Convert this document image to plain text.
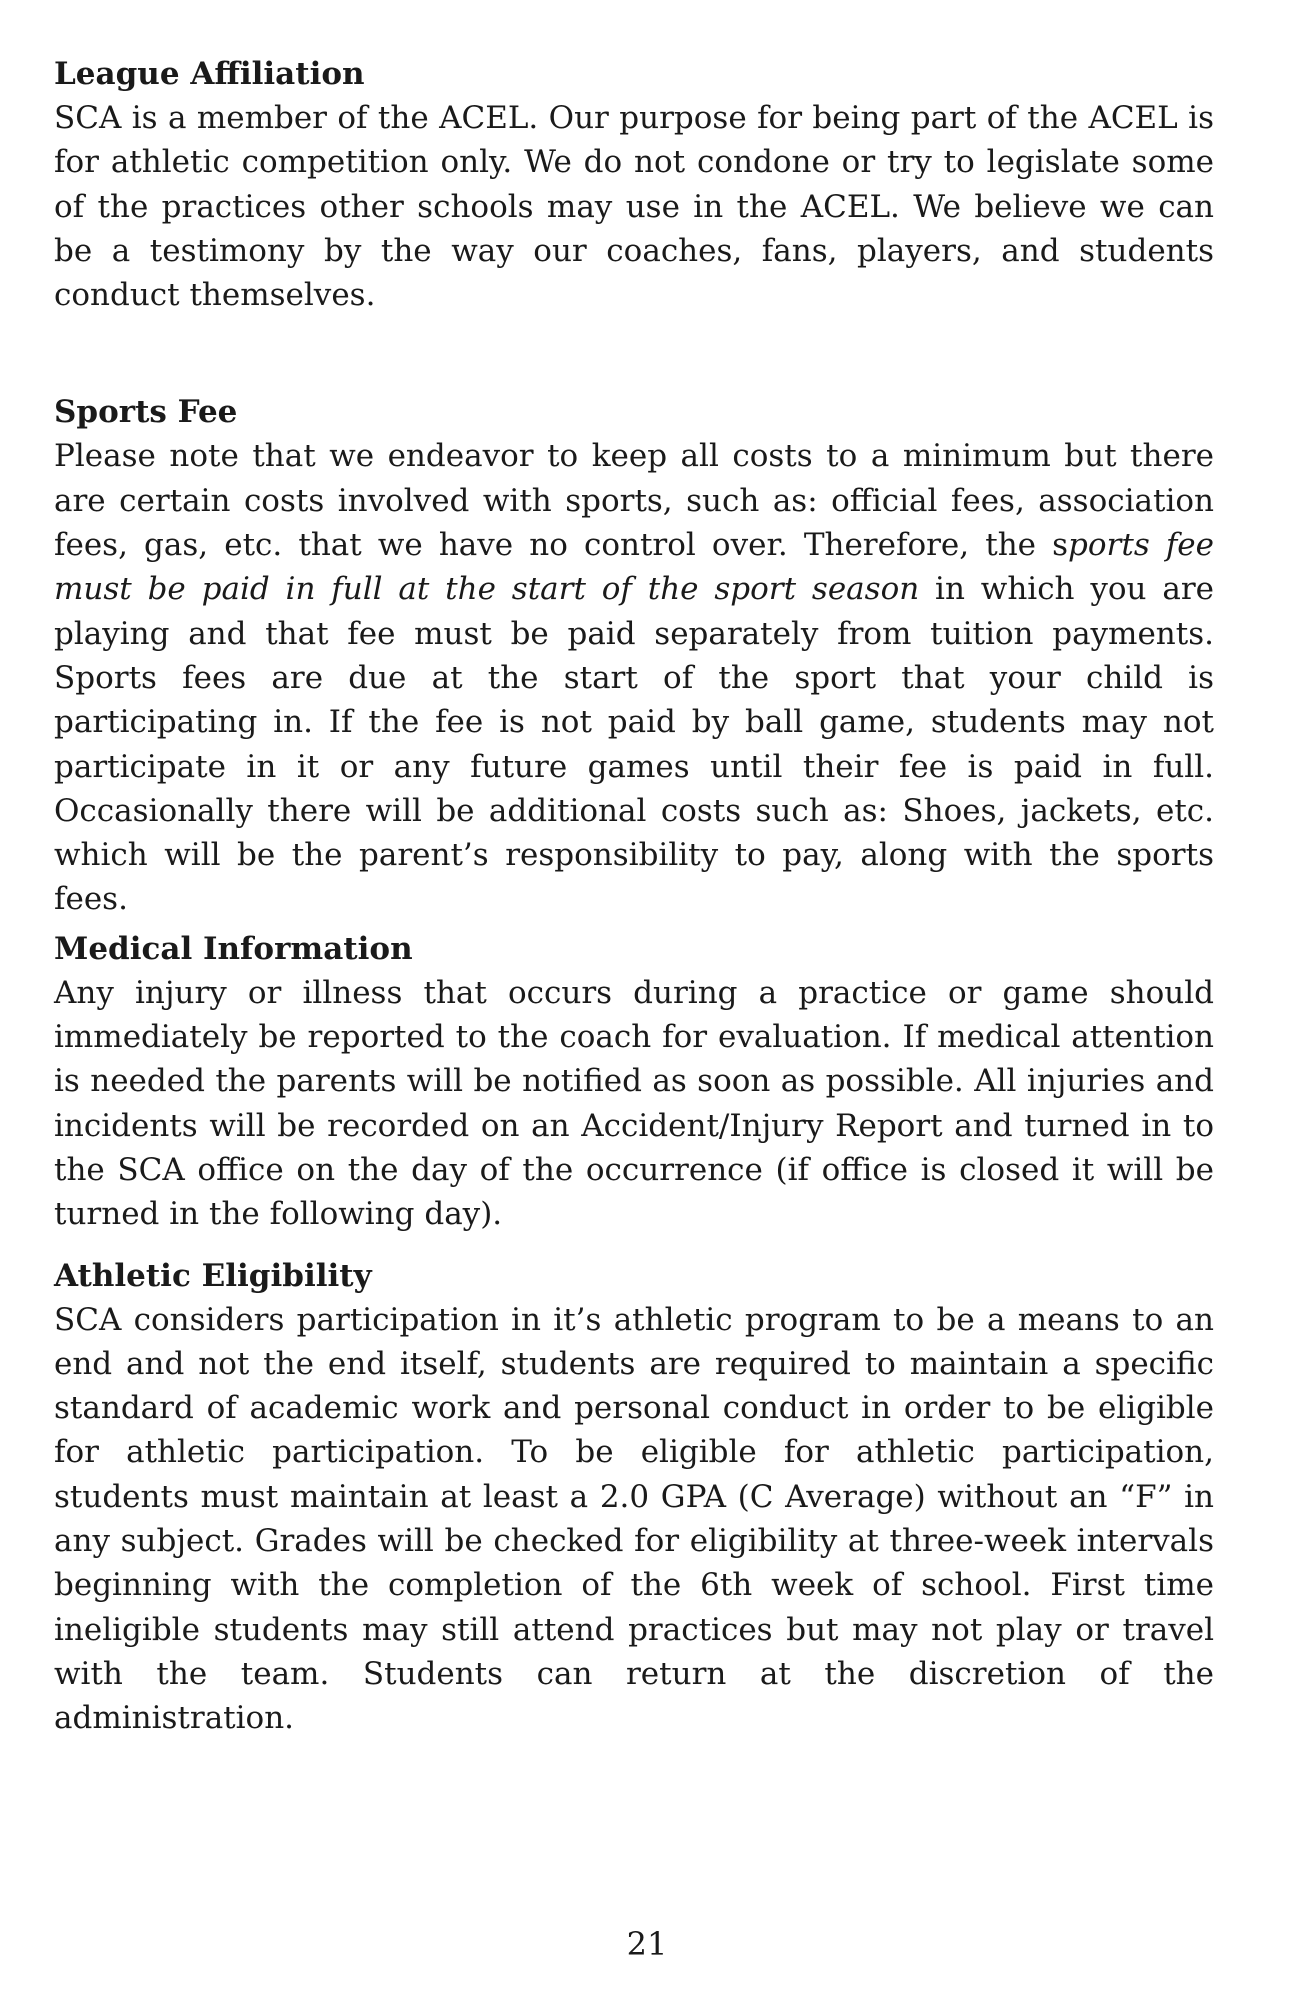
League Affiliation

SCA is a member of the ACEL. Our purpose for being part of the ACEL is for athletic competition only. We do not condone or try to legislate some of the practices other schools may use in the ACEL. We believe we can be a testimony by the way our coaches, fans, players, and students conduct themselves.

Sports Fee

Please note that we endeavor to keep all costs to a minimum but there are certain costs involved with sports, such as: official fees, association fees, gas, etc. that we have no control over. Therefore, the sports fee must be paid in full at the start of the sport season in which you are playing and that fee must be paid separately from tuition payments. Sports fees are due at the start of the sport that your child is participating in. If the fee is not paid by ball game, students may not participate in it or any future games until their fee is paid in full. Occasionally there will be additional costs such as: Shoes, jackets, etc. which will be the parent’s responsibility to pay, along with the sports fees.

Medical Information

Any injury or illness that occurs during a practice or game should immediately be reported to the coach for evaluation. If medical attention is needed the parents will be notified as soon as possible. All injuries and incidents will be recorded on an Accident/Injury Report and turned in to the SCA office on the day of the occurrence (if office is closed it will be turned in the following day).

Athletic Eligibility

SCA considers participation in it’s athletic program to be a means to an end and not the end itself, students are required to maintain a specific standard of academic work and personal conduct in order to be eligible for athletic participation. To be eligible for athletic participation, students must maintain at least a 2.0 GPA (C Average) without an “F” in any subject. Grades will be checked for eligibility at three-week intervals beginning with the completion of the 6th week of school. First time ineligible students may still attend practices but may not play or travel with the team. Students can return at the discretion of the administration.

21
